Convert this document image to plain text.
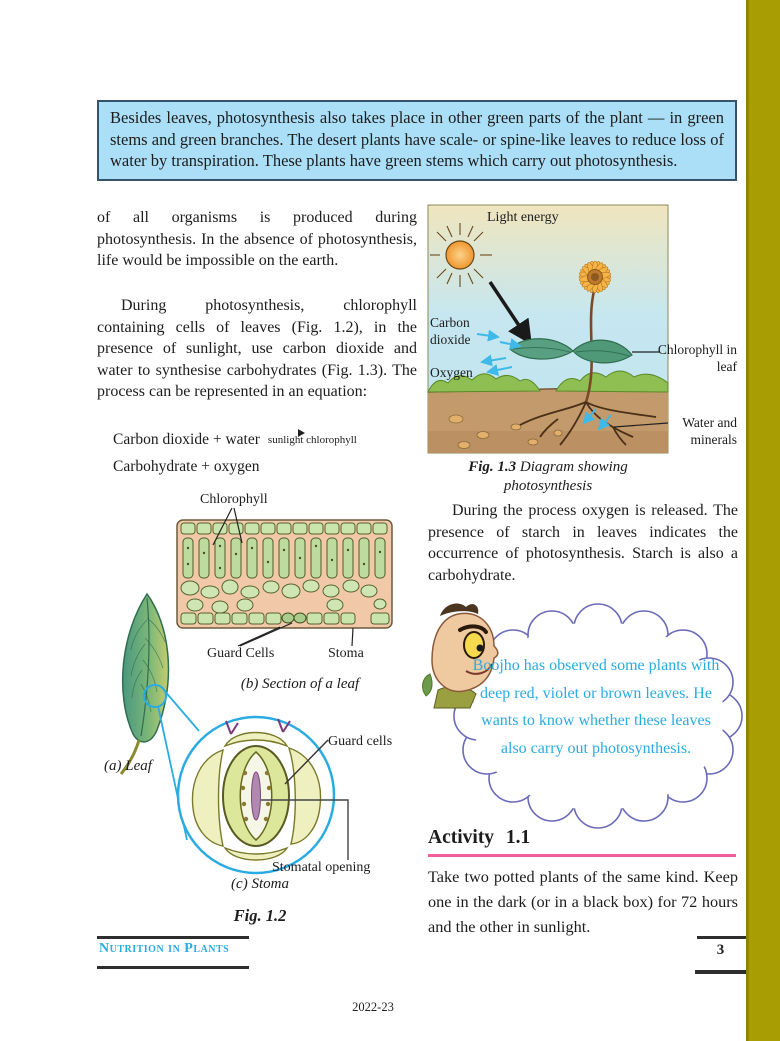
Besides leaves, photosynthesis also takes place in other green parts of the plant — in green stems and green branches. The desert plants have scale- or spine-like leaves to reduce loss of water by transpiration. These plants have green stems which carry out photosynthesis.
of all organisms is produced during photosynthesis. In the absence of photosynthesis, life would be impossible on the earth.
During photosynthesis, chlorophyll containing cells of leaves (Fig. 1.2), in the presence of sunlight, use carbon dioxide and water to synthesise carbohydrates (Fig. 1.3). The process can be represented in an equation:
Carbon dioxide + water sunlight chlorophyll
Carbohydrate + oxygen
Chlorophyll
Guard Cells	Stoma
(b) Section of a leaf
(a) Leaf
Guard cells
Stomatal opening
(c) Stoma
Fig. 1.2
Light energy
Carbon dioxide
Oxygen
Chlorophyll in leaf
Water and minerals
Fig. 1.3 Diagram showing photosynthesis
During the process oxygen is released. The presence of starch in leaves indicates the occurrence of photosynthesis. Starch is also a carbohydrate.
Boojho has observed some plants with deep red, violet or brown leaves. He wants to know whether these leaves also carry out photosynthesis.
Activity 1.1
Take two potted plants of the same kind. Keep one in the dark (or in a black box) for 72 hours and the other in sunlight.
Nutrition in Plants	3
2022-23
